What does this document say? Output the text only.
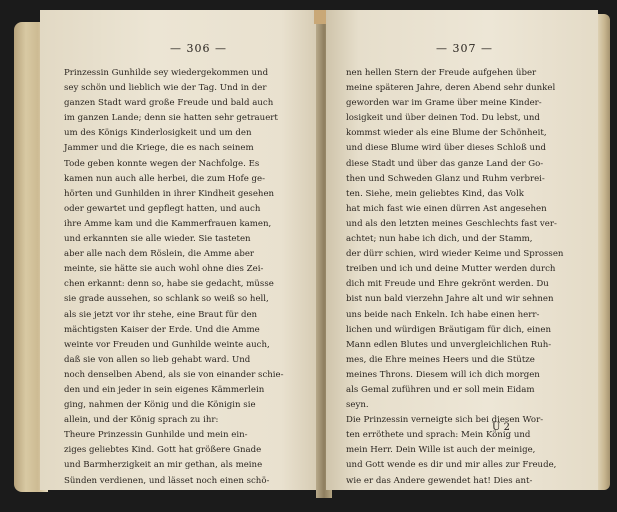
— 306 —
Prinzessin Gunhilde sey wiedergekommen und
sey schön und lieblich wie der Tag. Und in der
ganzen Stadt ward große Freude und bald auch
im ganzen Lande; denn sie hatten sehr getrauert
um des Königs Kinderlosigkeit und um den
Jammer und die Kriege, die es nach seinem
Tode geben konnte wegen der Nachfolge. Es
kamen nun auch alle herbei, die zum Hofe ge-
hörten und Gunhilden in ihrer Kindheit gesehen
oder gewartet und gepflegt hatten, und auch
ihre Amme kam und die Kammerfrauen kamen,
und erkannten sie alle wieder. Sie tasteten
aber alle nach dem Röslein, die Amme aber
meinte, sie hätte sie auch wohl ohne dies Zei-
chen erkannt: denn so, habe sie gedacht, müsse
sie grade aussehen, so schlank so weiß so hell,
als sie jetzt vor ihr stehe, eine Braut für den
mächtigsten Kaiser der Erde. Und die Amme
weinte vor Freuden und Gunhilde weinte auch,
daß sie von allen so lieb gehabt ward. Und
noch denselben Abend, als sie von einander schie-
den und ein jeder in sein eigenes Kämmerlein
ging, nahmen der König und die Königin sie
allein, und der König sprach zu ihr:
Theure Prinzessin Gunhilde und mein ein-
ziges geliebtes Kind. Gott hat größere Gnade
und Barmherzigkeit an mir gethan, als meine
Sünden verdienen, und lässet noch einen schö-
— 307 —
nen hellen Stern der Freude aufgehen über
meine späteren Jahre, deren Abend sehr dunkel
geworden war im Grame über meine Kinder-
losigkeit und über deinen Tod. Du lebst, und
kommst wieder als eine Blume der Schönheit,
und diese Blume wird über dieses Schloß und
diese Stadt und über das ganze Land der Go-
then und Schweden Glanz und Ruhm verbrei-
ten. Siehe, mein geliebtes Kind, das Volk
hat mich fast wie einen dürren Ast angesehen
und als den letzten meines Geschlechts fast ver-
achtet; nun habe ich dich, und der Stamm,
der dürr schien, wird wieder Keime und Sprossen
treiben und ich und deine Mutter werden durch
dich mit Freude und Ehre gekrönt werden. Du
bist nun bald vierzehn Jahre alt und wir sehnen
uns beide nach Enkeln. Ich habe einen herr-
lichen und würdigen Bräutigam für dich, einen
Mann edlen Blutes und unvergleichlichen Ruh-
mes, die Ehre meines Heers und die Stütze
meines Throns. Diesem will ich dich morgen
als Gemal zuführen und er soll mein Eidam
seyn.
Die Prinzessin verneigte sich bei diesen Wor-
ten erröthete und sprach: Mein König und
mein Herr. Dein Wille ist auch der meinige,
und Gott wende es dir und mir alles zur Freude,
wie er das Andere gewendet hat! Dies ant-
U 2
